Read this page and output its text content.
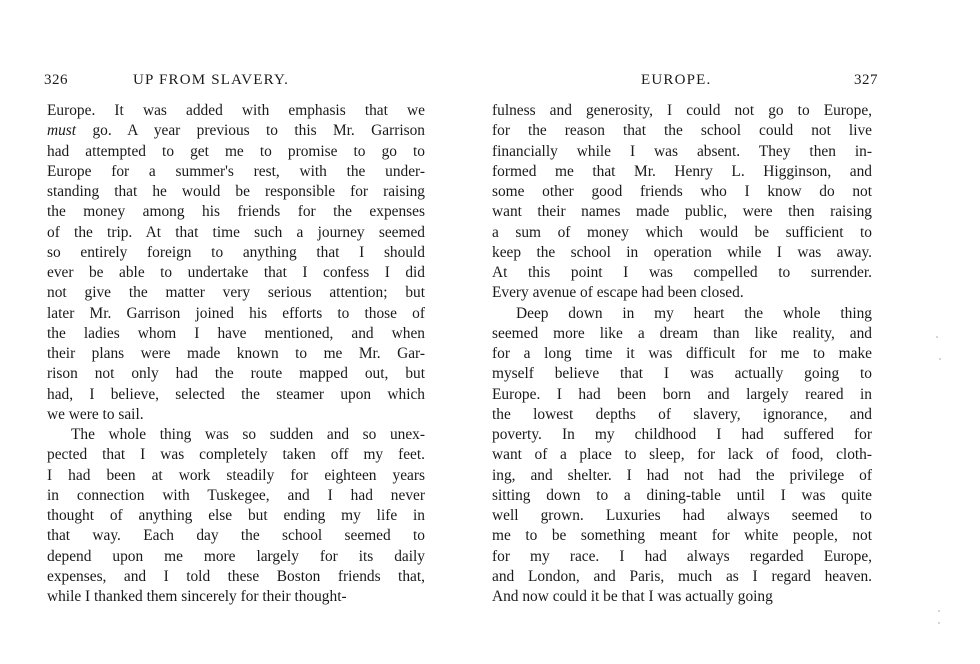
326	UP FROM SLAVERY.
Europe. It was added with emphasis that we
must go. A year previous to this Mr. Garrison
had attempted to get me to promise to go to
Europe for a summer's rest, with the under-
standing that he would be responsible for raising
the money among his friends for the expenses
of the trip. At that time such a journey seemed
so entirely foreign to anything that I should
ever be able to undertake that I confess I did
not give the matter very serious attention; but
later Mr. Garrison joined his efforts to those of
the ladies whom I have mentioned, and when
their plans were made known to me Mr. Gar-
rison not only had the route mapped out, but
had, I believe, selected the steamer upon which
we were to sail.
The whole thing was so sudden and so unex-
pected that I was completely taken off my feet.
I had been at work steadily for eighteen years
in connection with Tuskegee, and I had never
thought of anything else but ending my life in
that way. Each day the school seemed to
depend upon me more largely for its daily
expenses, and I told these Boston friends that,
while I thanked them sincerely for their thought-
EUROPE.	327
fulness and generosity, I could not go to Europe,
for the reason that the school could not live
financially while I was absent. They then in-
formed me that Mr. Henry L. Higginson, and
some other good friends who I know do not
want their names made public, were then raising
a sum of money which would be sufficient to
keep the school in operation while I was away.
At this point I was compelled to surrender.
Every avenue of escape had been closed.
Deep down in my heart the whole thing
seemed more like a dream than like reality, and
for a long time it was difficult for me to make
myself believe that I was actually going to
Europe. I had been born and largely reared in
the lowest depths of slavery, ignorance, and
poverty. In my childhood I had suffered for
want of a place to sleep, for lack of food, cloth-
ing, and shelter. I had not had the privilege of
sitting down to a dining-table until I was quite
well grown. Luxuries had always seemed to
me to be something meant for white people, not
for my race. I had always regarded Europe,
and London, and Paris, much as I regard heaven.
And now could it be that I was actually going
